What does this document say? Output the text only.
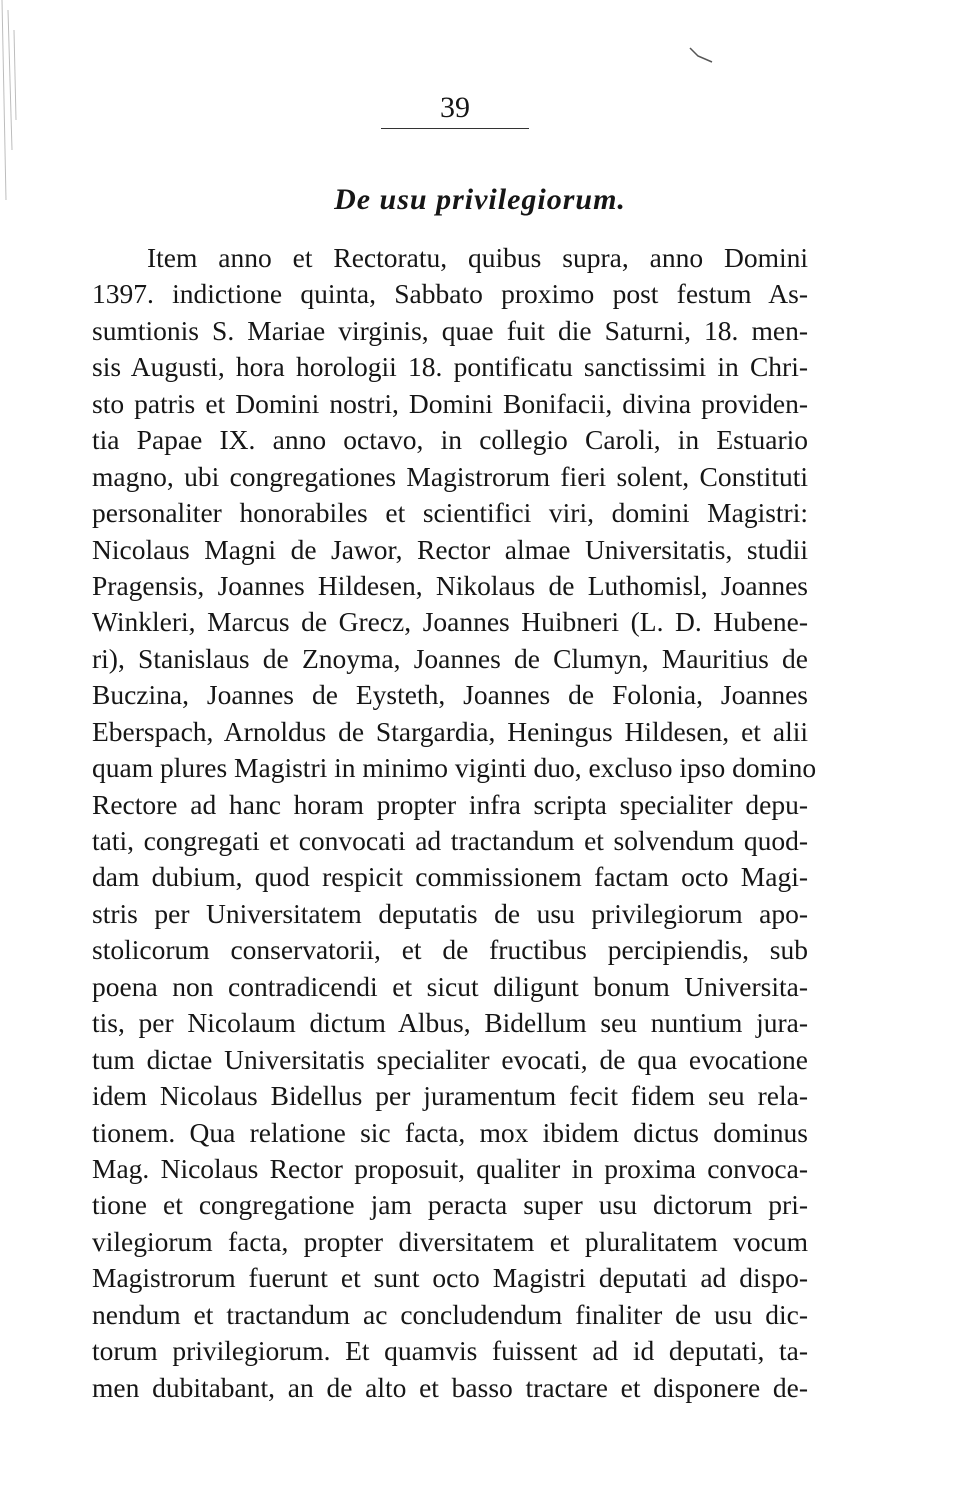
39
De usu privilegiorum.
Item anno et Rectoratu, quibus supra, anno Domini
1397. indictione quinta, Sabbato proximo post festum As-
sumtionis S. Mariae virginis, quae fuit die Saturni, 18. men-
sis Augusti, hora horologii 18. pontificatu sanctissimi in Chri-
sto patris et Domini nostri, Domini Bonifacii, divina providen-
tia Papae IX. anno octavo, in collegio Caroli, in Estuario
magno, ubi congregationes Magistrorum fieri solent, Constituti
personaliter honorabiles et scientifici viri, domini Magistri:
Nicolaus Magni de Jawor, Rector almae Universitatis, studii
Pragensis, Joannes Hildesen, Nikolaus de Luthomisl, Joannes
Winkleri, Marcus de Grecz, Joannes Huibneri (L. D. Hubene-
ri), Stanislaus de Znoyma, Joannes de Clumyn, Mauritius de
Buczina, Joannes de Eysteth, Joannes de Folonia, Joannes
Eberspach, Arnoldus de Stargardia, Heningus Hildesen, et alii
quam plures Magistri in minimo viginti duo, excluso ipso domino
Rectore ad hanc horam propter infra scripta specialiter depu-
tati, congregati et convocati ad tractandum et solvendum quod-
dam dubium, quod respicit commissionem factam octo Magi-
stris per Universitatem deputatis de usu privilegiorum apo-
stolicorum conservatorii, et de fructibus percipiendis, sub
poena non contradicendi et sicut diligunt bonum Universita-
tis, per Nicolaum dictum Albus, Bidellum seu nuntium jura-
tum dictae Universitatis specialiter evocati, de qua evocatione
idem Nicolaus Bidellus per juramentum fecit fidem seu rela-
tionem. Qua relatione sic facta, mox ibidem dictus dominus
Mag. Nicolaus Rector proposuit, qualiter in proxima convoca-
tione et congregatione jam peracta super usu dictorum pri-
vilegiorum facta, propter diversitatem et pluralitatem vocum
Magistrorum fuerunt et sunt octo Magistri deputati ad dispo-
nendum et tractandum ac concludendum finaliter de usu dic-
torum privilegiorum. Et quamvis fuissent ad id deputati, ta-
men dubitabant, an de alto et basso tractare et disponere de-
